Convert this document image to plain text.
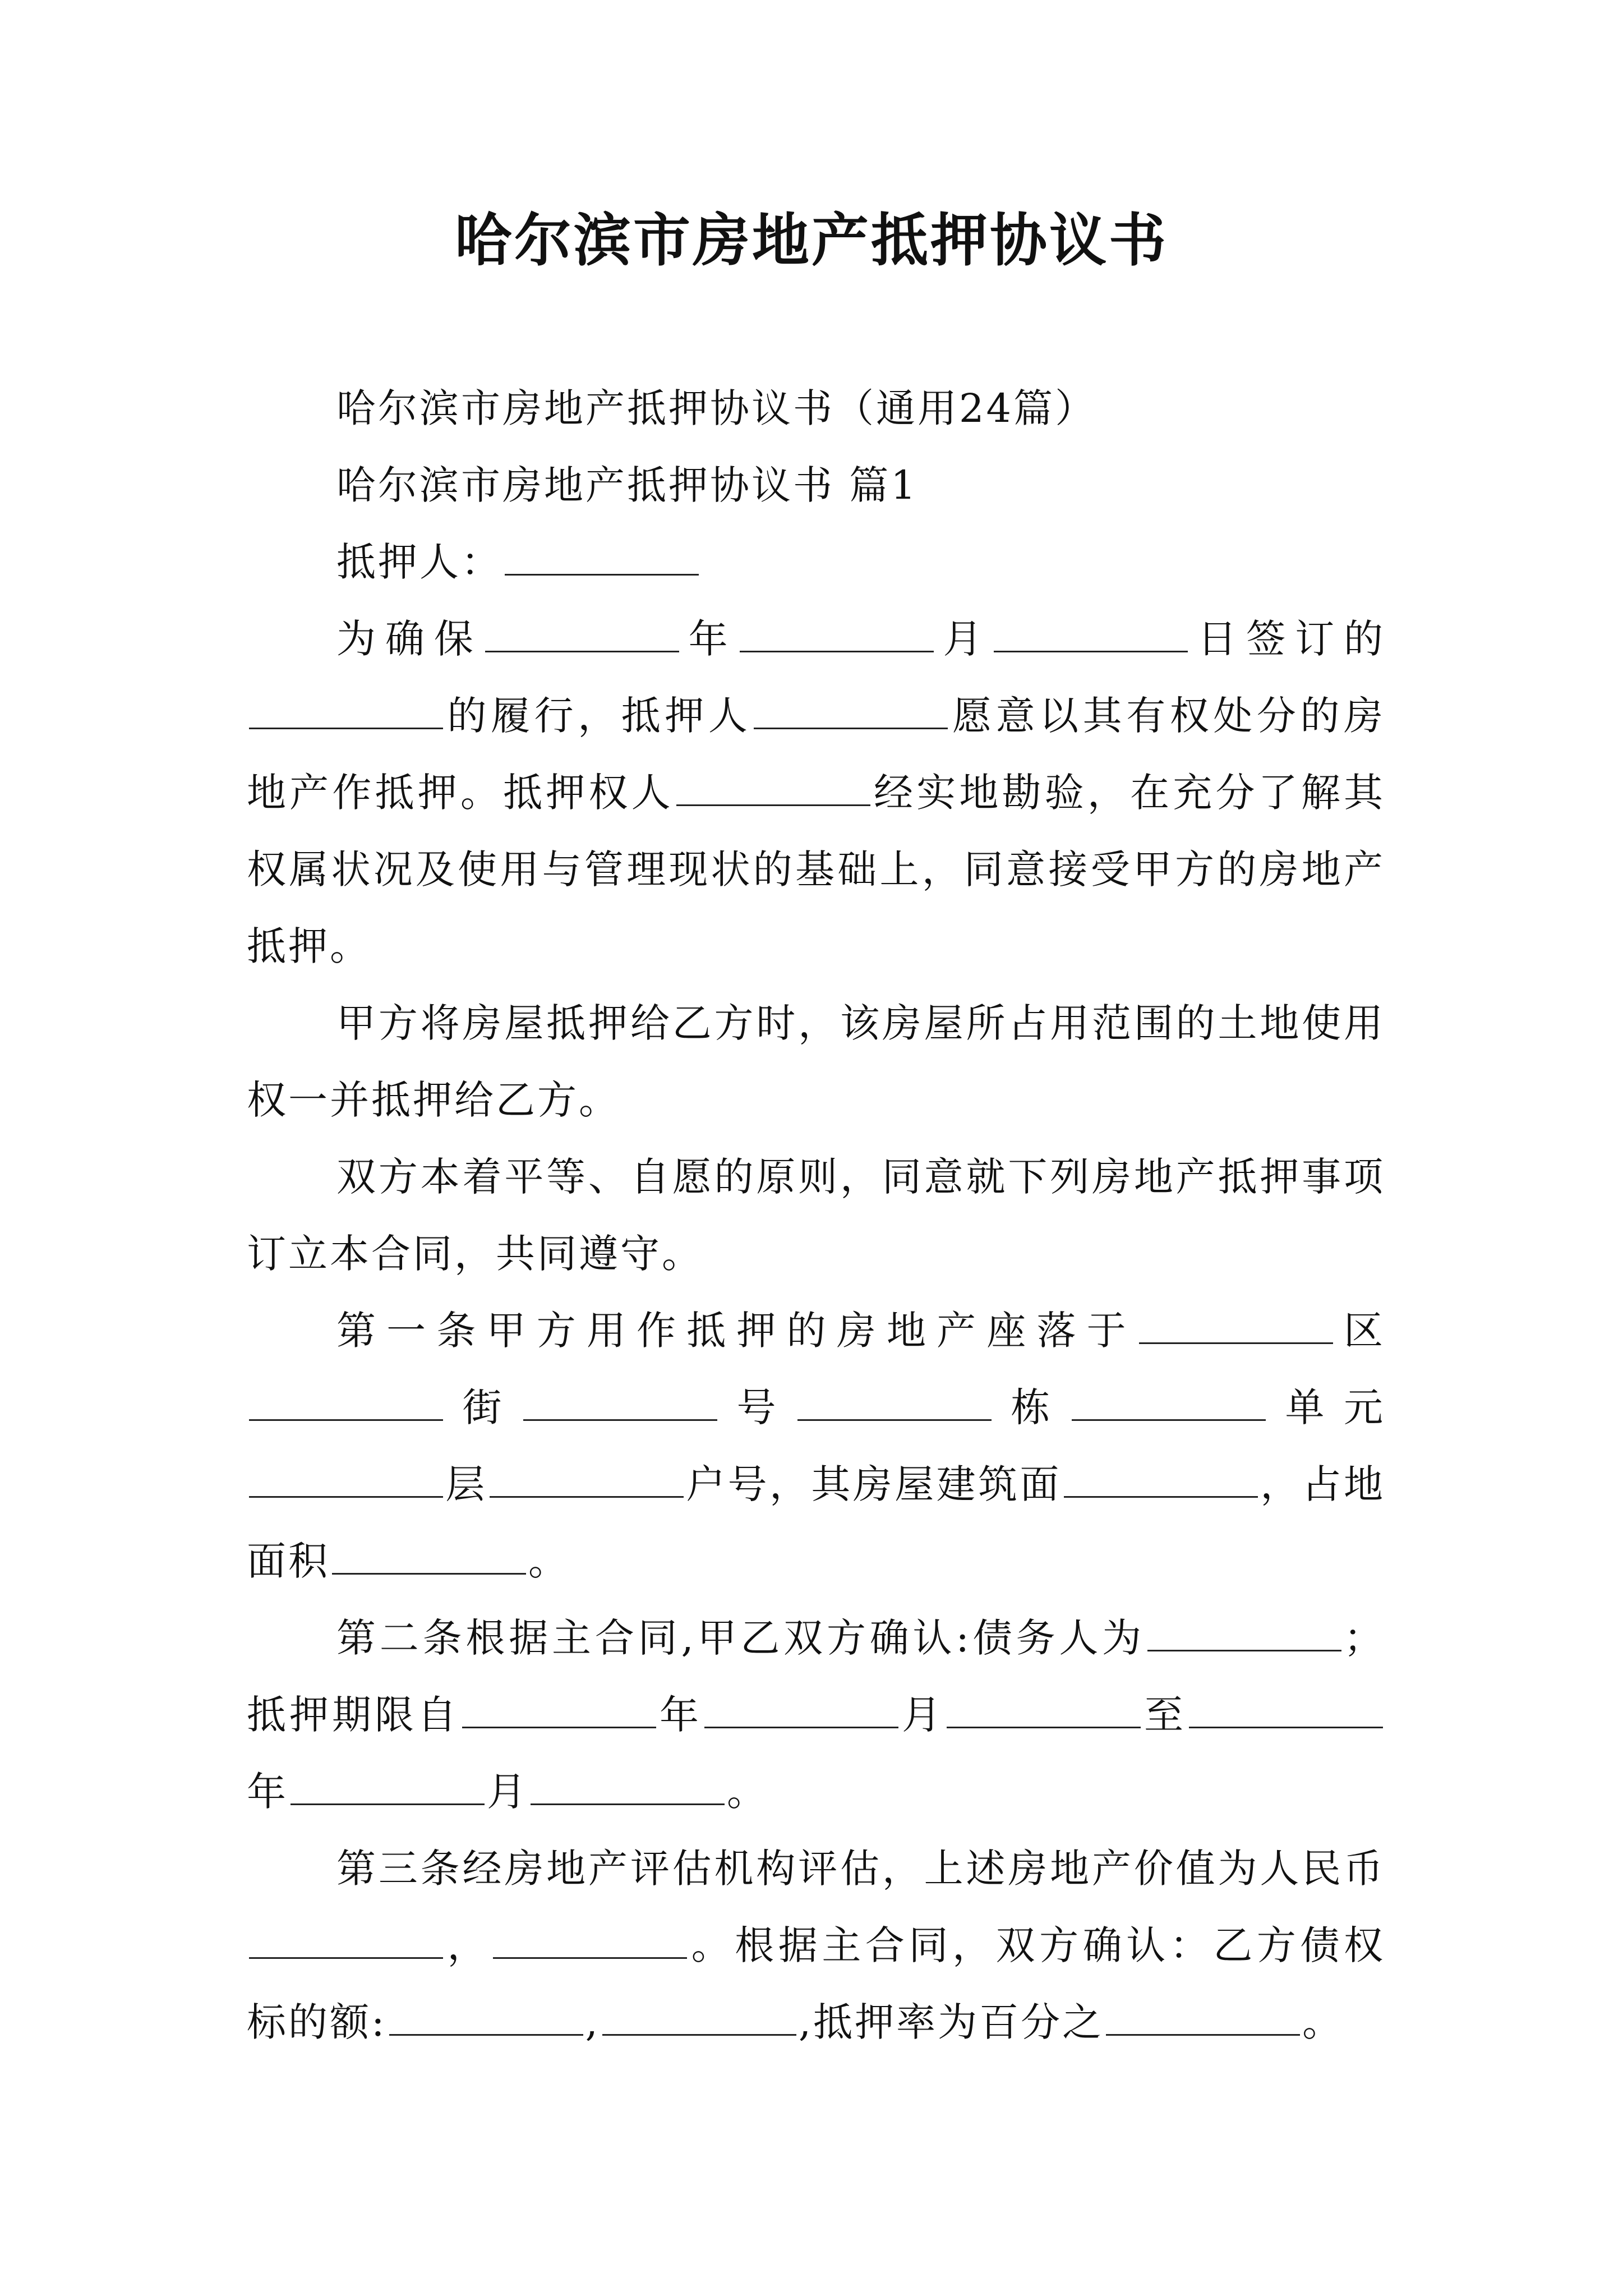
哈尔滨市房地产抵押协议书

哈尔滨市房地产抵押协议书（通用24篇）

哈尔滨市房地产抵押协议书 篇1

抵押人：

为确保	年	月	日签订的的履行，抵押人	愿意以其有权处分的房地产作抵押。抵押权人	经实地勘验，在充分了解其权属状况及使用与管理现状的基础上，同意接受甲方的房地产抵押。

甲方将房屋抵押给乙方时，该房屋所占用范围的土地使用权一并抵押给乙方。

双方本着平等、自愿的原则，同意就下列房地产抵押事项订立本合同，共同遵守。

第一条甲方用作抵押的房地产座落于	区街	号	栋	单元层	户号，其房屋建筑面	，占地面积	。

第二条根据主合同,甲乙双方确认:债务人为	；抵押期限自	年	月	至年	月	。

第三条经房地产评估机构评估，上述房地产价值为人民币，	。根据主合同，双方确认：乙方债权标的额:	,	,抵押率为百分之	。
